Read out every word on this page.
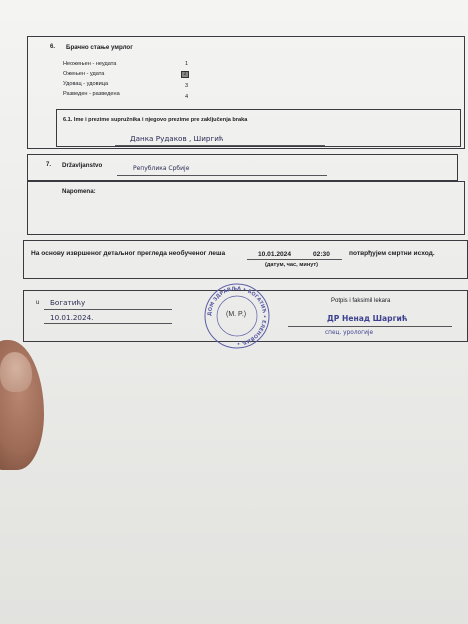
6. Брачно стање умрлог
Неожењен - неудата	1
Ожењен - удата	2
Удовац - удовица	3
Разведен - разведена	4
6.1. Ime i prezime supružnika i njegovo prezime pre zaključenja braka
Данка Рудаков , Ширгић
7. Državljanstvo	Република Србије
Napomena:
На основу извршеног детаљног прегледа необученог леша	10.01.2024	02:30
(датум, час, минут)
потврђујем смртни исход.
u Богатићу
10.01.2024.	ДОМ ЗДРАВЉА • БОГАТИЋ • ЕЛЕНОВИЋ •
(M. P.)
Potpis i faksimil lekara
ДР Ненад Шаргић
спец. урологије
